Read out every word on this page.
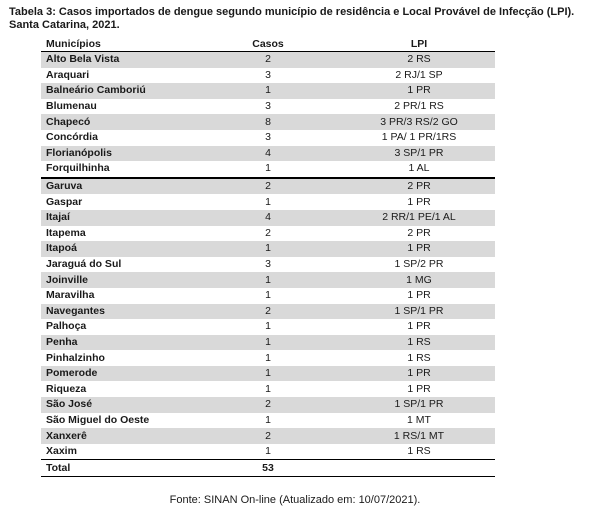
Tabela 3: Casos importados de dengue segundo município de residência e Local Provável de Infecção (LPI).
Santa Catarina, 2021.
Municípios	Casos	LPI
Alto Bela Vista	2	2 RS
Araquari	3	2 RJ/1 SP
Balneário Camboriú	1	1 PR
Blumenau	3	2 PR/1 RS
Chapecó	8	3 PR/3 RS/2 GO
Concórdia	3	1 PA/ 1 PR/1RS
Florianópolis	4	3 SP/1 PR
Forquilhinha	1	1 AL
Garuva	2	2 PR
Gaspar	1	1 PR
Itajaí	4	2 RR/1 PE/1 AL
Itapema	2	2 PR
Itapoá	1	1 PR
Jaraguá do Sul	3	1 SP/2 PR
Joinville	1	1 MG
Maravilha	1	1 PR
Navegantes	2	1 SP/1 PR
Palhoça	1	1 PR
Penha	1	1 RS
Pinhalzinho	1	1 RS
Pomerode	1	1 PR
Riqueza	1	1 PR
São José	2	1 SP/1 PR
São Miguel do Oeste	1	1 MT
Xanxerê	2	1 RS/1 MT
Xaxim	1	1 RS
Total	53	
Fonte: SINAN On-line (Atualizado em: 10/07/2021).
